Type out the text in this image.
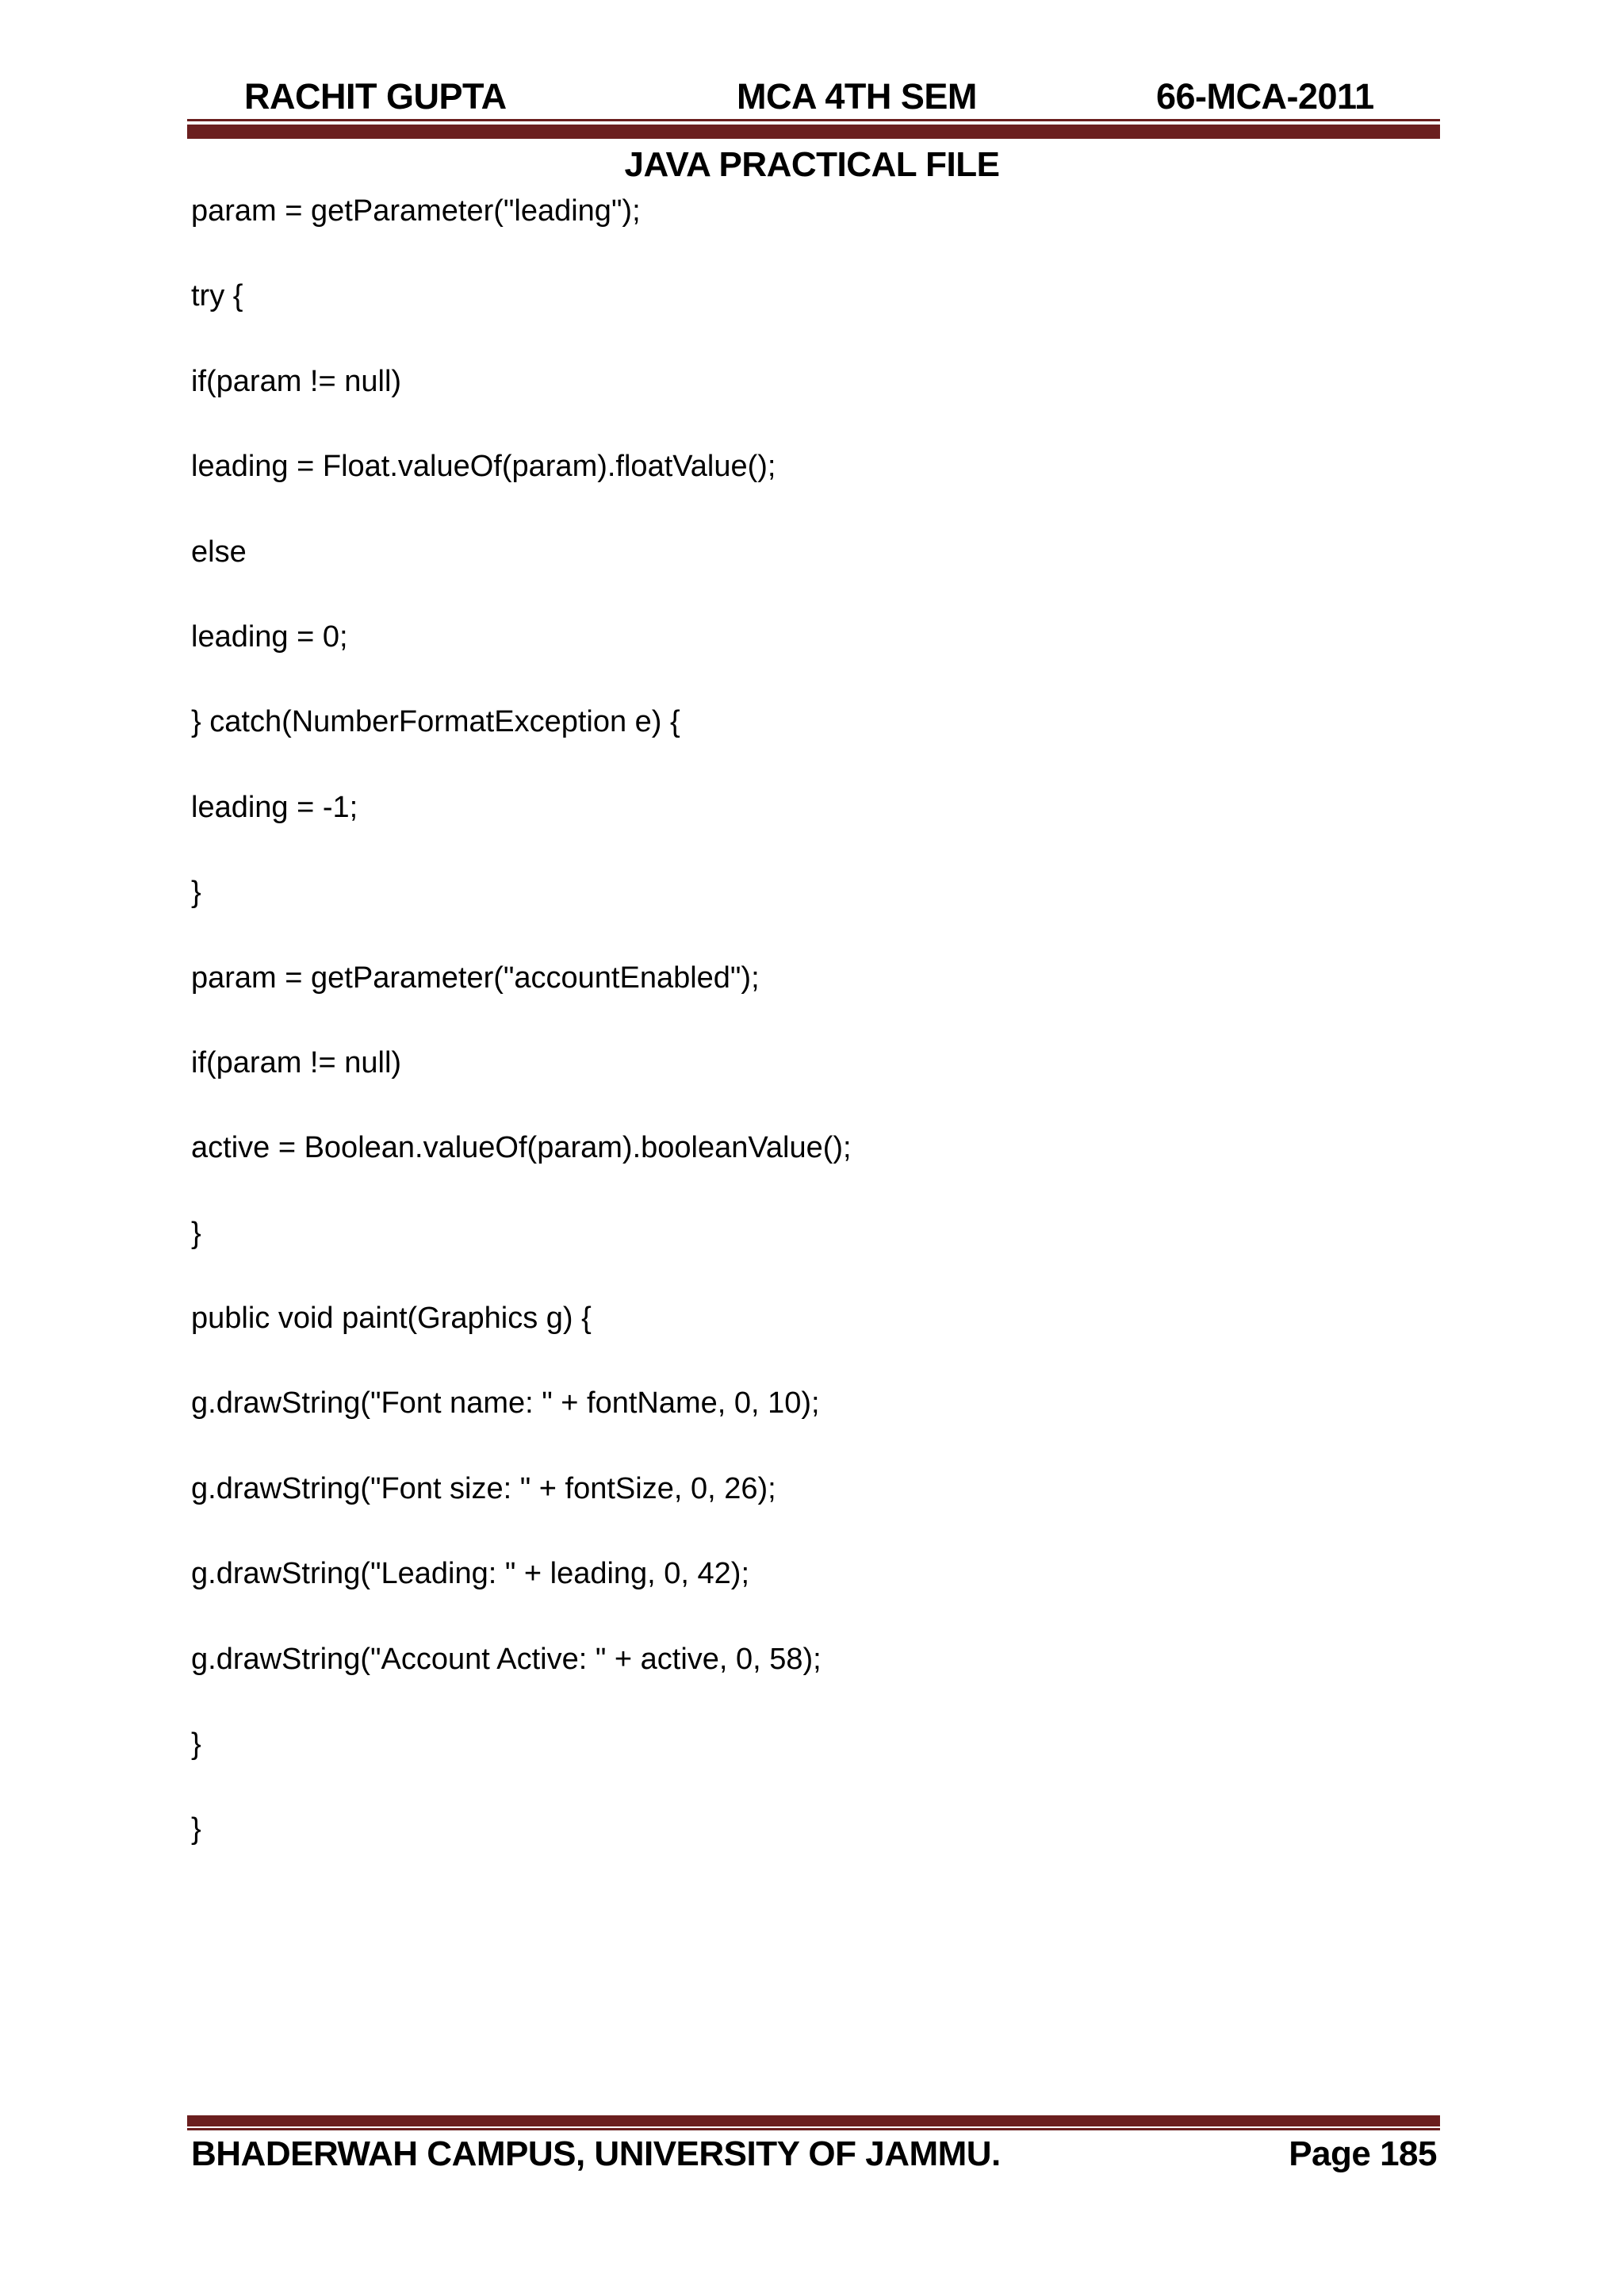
RACHIT GUPTA	MCA 4TH SEM	66-MCA-2011
JAVA PRACTICAL FILE
param = getParameter("leading");
try {
if(param != null)
leading = Float.valueOf(param).floatValue();
else
leading = 0;
} catch(NumberFormatException e) {
leading = -1;
}
param = getParameter("accountEnabled");
if(param != null)
active = Boolean.valueOf(param).booleanValue();
}
public void paint(Graphics g) {
g.drawString("Font name: " + fontName, 0, 10);
g.drawString("Font size: " + fontSize, 0, 26);
g.drawString("Leading: " + leading, 0, 42);
g.drawString("Account Active: " + active, 0, 58);
}
}
BHADERWAH CAMPUS, UNIVERSITY OF JAMMU.	Page 185
